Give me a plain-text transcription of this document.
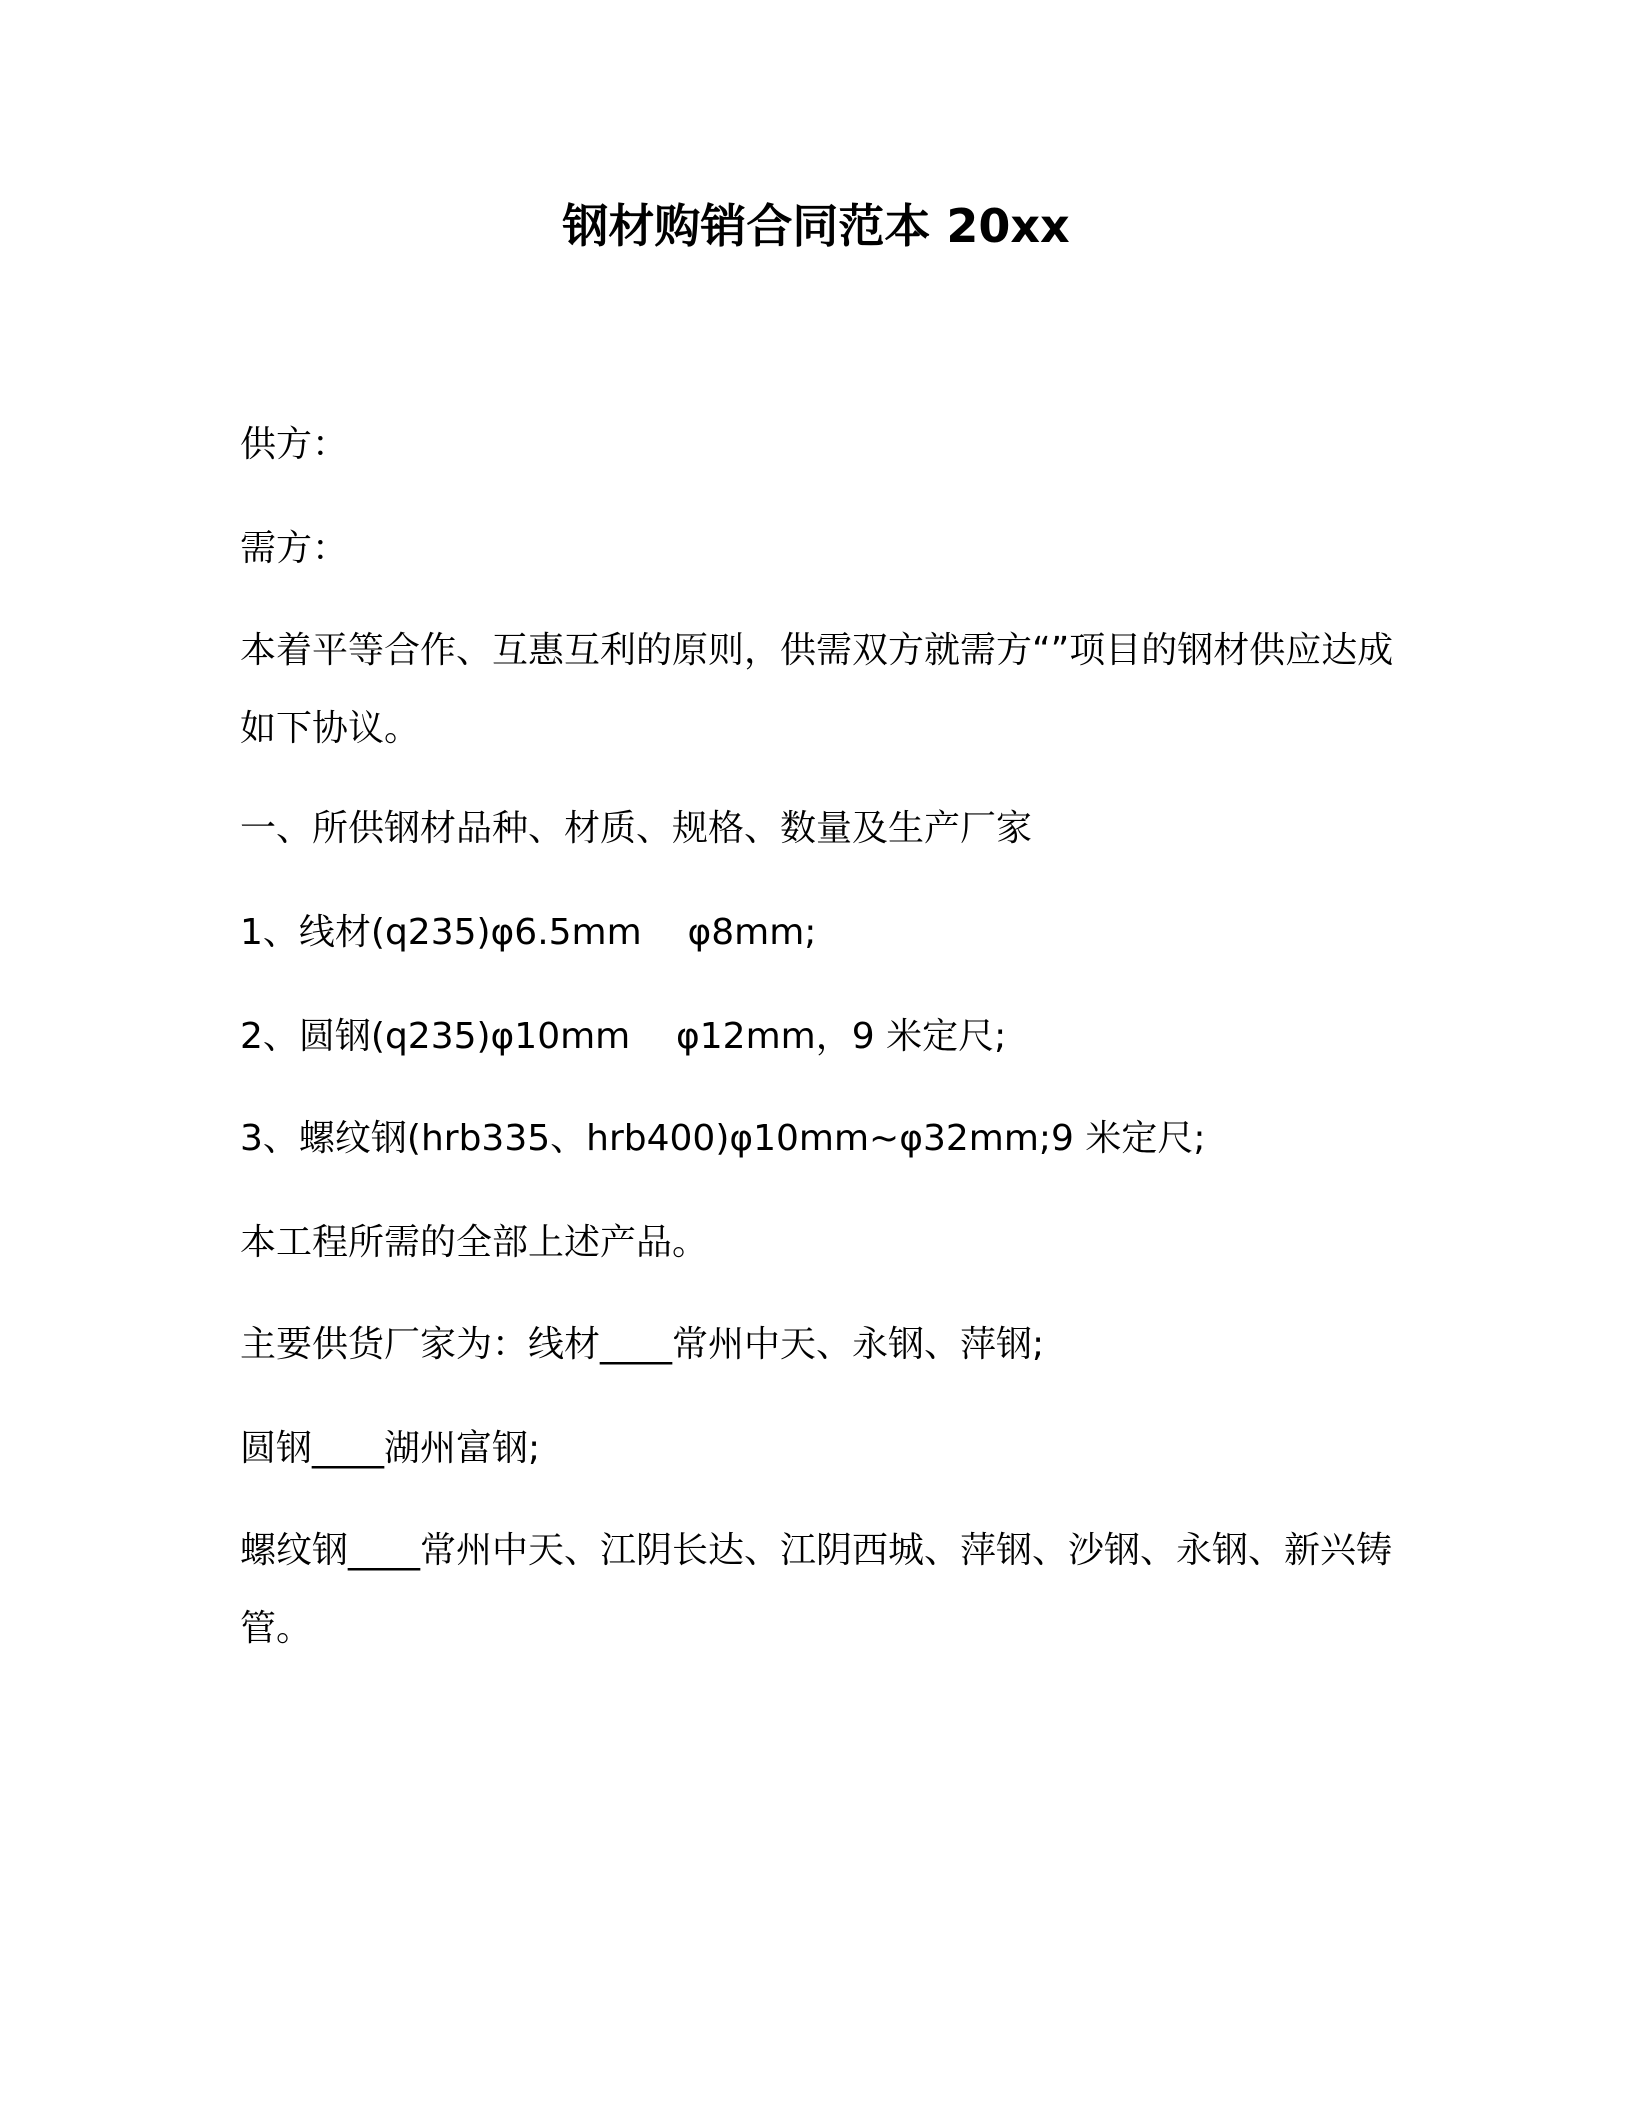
钢材购销合同范本 20xx

供方：

需方：

本着平等合作、互惠互利的原则，供需双方就需方“”项目的钢材供应达成如下协议。

一、所供钢材品种、材质、规格、数量及生产厂家

1、线材(q235)φ6.5mm    φ8mm;

2、圆钢(q235)φ10mm    φ12mm，9 米定尺;

3、螺纹钢(hrb335、hrb400)φ10mm~φ32mm;9 米定尺;

本工程所需的全部上述产品。

主要供货厂家为：线材____常州中天、永钢、萍钢;

圆钢____湖州富钢;

螺纹钢____常州中天、江阴长达、江阴西城、萍钢、沙钢、永钢、新兴铸管。
